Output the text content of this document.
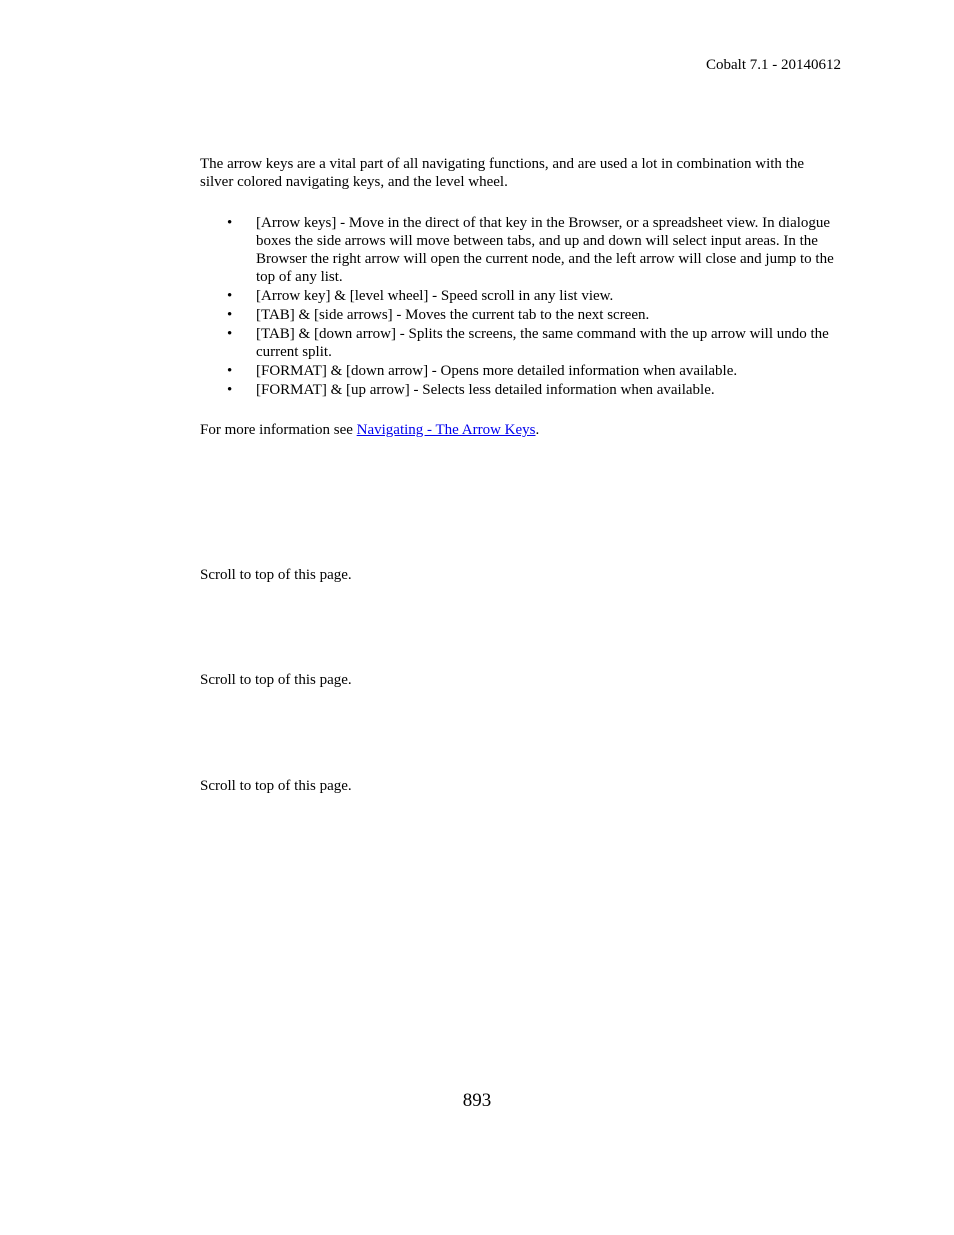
Cobalt 7.1 - 20140612

The arrow keys are a vital part of all navigating functions, and are used a lot in combination with the silver colored navigating keys, and the level wheel.

• [Arrow keys] - Move in the direct of that key in the Browser, or a spreadsheet view. In dialogue boxes the side arrows will move between tabs, and up and down will select input areas. In the Browser the right arrow will open the current node, and the left arrow will close and jump to the top of any list.
• [Arrow key] & [level wheel] - Speed scroll in any list view.
• [TAB] & [side arrows] - Moves the current tab to the next screen.
• [TAB] & [down arrow] - Splits the screens, the same command with the up arrow will undo the current split.
• [FORMAT] & [down arrow] - Opens more detailed information when available.
• [FORMAT] & [up arrow] - Selects less detailed information when available.

For more information see Navigating - The Arrow Keys.

Scroll to top of this page.
Scroll to top of this page.
Scroll to top of this page.
893
